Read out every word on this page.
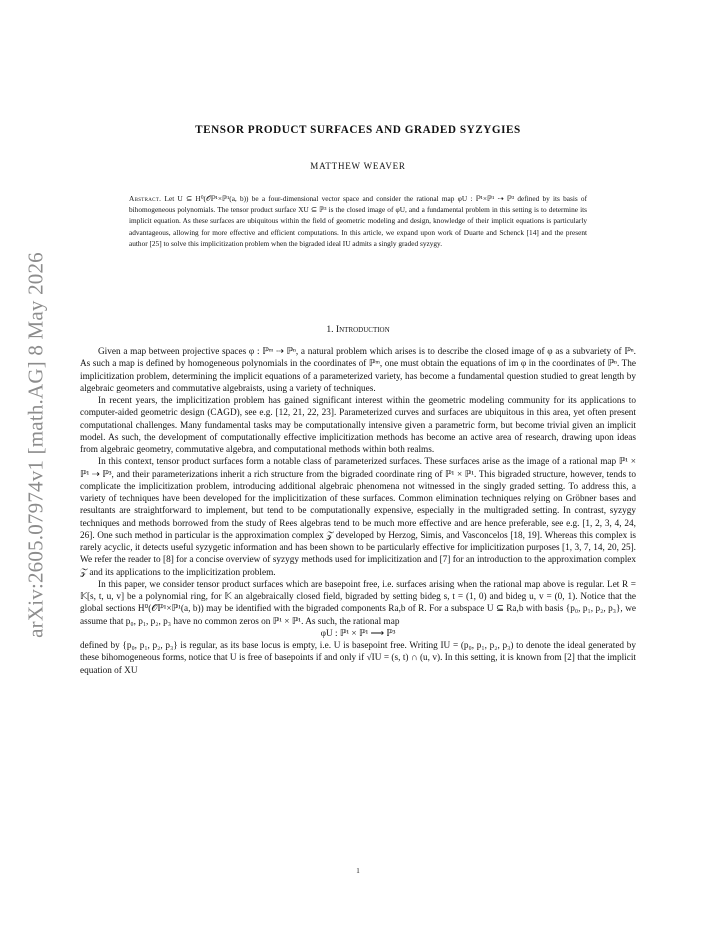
arXiv:2605.07974v1 [math.AG] 8 May 2026
TENSOR PRODUCT SURFACES AND GRADED SYZYGIES
MATTHEW WEAVER
Abstract. Let U ⊆ H⁰(𝒪ℙ¹×ℙ¹(a, b)) be a four-dimensional vector space and consider the rational map φU : ℙ¹×ℙ¹ ⇢ ℙ³ defined by its basis of bihomogeneous polynomials. The tensor product surface XU ⊆ ℙ³ is the closed image of φU, and a fundamental problem in this setting is to determine its implicit equation. As these surfaces are ubiquitous within the field of geometric modeling and design, knowledge of their implicit equations is particularly advantageous, allowing for more effective and efficient computations. In this article, we expand upon work of Duarte and Schenck [14] and the present author [25] to solve this implicitization problem when the bigraded ideal IU admits a singly graded syzygy.
1. Introduction

Given a map between projective spaces φ : ℙᵐ ⇢ ℙⁿ, a natural problem which arises is to describe the closed image of φ as a subvariety of ℙⁿ. As such a map is defined by homogeneous polynomials in the coordinates of ℙᵐ, one must obtain the equations of im φ in the coordinates of ℙⁿ. The implicitization problem, determining the implicit equations of a parameterized variety, has become a fundamental question studied to great length by algebraic geometers and commutative algebraists, using a variety of techniques.

In recent years, the implicitization problem has gained significant interest within the geometric modeling community for its applications to computer-aided geometric design (CAGD), see e.g. [12, 21, 22, 23]. Parameterized curves and surfaces are ubiquitous in this area, yet often present computational challenges. Many fundamental tasks may be computationally intensive given a parametric form, but become trivial given an implicit model. As such, the development of computationally effective implicitization methods has become an active area of research, drawing upon ideas from algebraic geometry, commutative algebra, and computational methods within both realms.

In this context, tensor product surfaces form a notable class of parameterized surfaces. These surfaces arise as the image of a rational map ℙ¹ × ℙ¹ ⇢ ℙ³, and their parameterizations inherit a rich structure from the bigraded coordinate ring of ℙ¹ × ℙ¹. This bigraded structure, however, tends to complicate the implicitization problem, introducing additional algebraic phenomena not witnessed in the singly graded setting. To address this, a variety of techniques have been developed for the implicitization of these surfaces. Common elimination techniques relying on Gröbner bases and resultants are straightforward to implement, but tend to be computationally expensive, especially in the multigraded setting. In contrast, syzygy techniques and methods borrowed from the study of Rees algebras tend to be much more effective and are hence preferable, see e.g. [1, 2, 3, 4, 24, 26]. One such method in particular is the approximation complex 𝒵 developed by Herzog, Simis, and Vasconcelos [18, 19]. Whereas this complex is rarely acyclic, it detects useful syzygetic information and has been shown to be particularly effective for implicitization purposes [1, 3, 7, 14, 20, 25]. We refer the reader to [8] for a concise overview of syzygy methods used for implicitization and [7] for an introduction to the approximation complex 𝒵 and its applications to the implicitization problem.

In this paper, we consider tensor product surfaces which are basepoint free, i.e. surfaces arising when the rational map above is regular. Let R = 𝕂[s, t, u, v] be a polynomial ring, for 𝕂 an algebraically closed field, bigraded by setting bideg s, t = (1, 0) and bideg u, v = (0, 1). Notice that the global sections H⁰(𝒪ℙ¹×ℙ¹(a, b)) may be identified with the bigraded components Ra,b of R. For a subspace U ⊆ Ra,b with basis {p₀, p₁, p₂, p₃}, we assume that p₀, p₁, p₂, p₃ have no common zeros on ℙ¹ × ℙ¹. As such, the rational map

φU : ℙ¹ × ℙ¹ ⟶ ℙ³

defined by {p₀, p₁, p₂, p₃} is regular, as its base locus is empty, i.e. U is basepoint free. Writing IU = (p₀, p₁, p₂, p₃) to denote the ideal generated by these bihomogeneous forms, notice that U is free of basepoints if and only if √IU = (s, t) ∩ (u, v). In this setting, it is known from [2] that the implicit equation of XU

1
